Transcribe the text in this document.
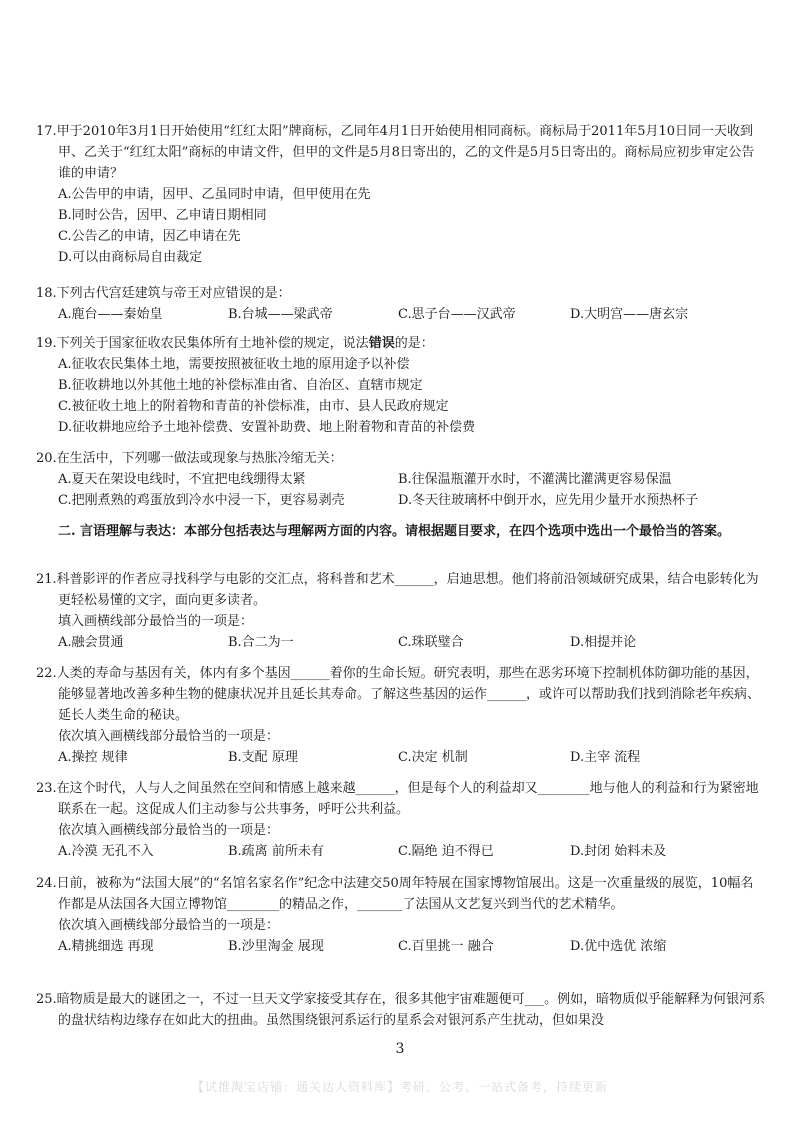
17.甲于2010年3月1日开始使用“红红太阳”牌商标，乙同年4月1日开始使用相同商标。商标局于2011年5月10日同一天收到甲、乙关于“红红太阳”商标的申请文件，但甲的文件是5月8日寄出的，乙的文件是5月5日寄出的。商标局应初步审定公告谁的申请？

A.公告甲的申请，因甲、乙虽同时申请，但甲使用在先

B.同时公告，因甲、乙申请日期相同

C.公告乙的申请，因乙申请在先

D.可以由商标局自由裁定

18.下列古代宫廷建筑与帝王对应错误的是：

A.鹿台——秦始皇	B.台城——梁武帝	C.思子台——汉武帝	D.大明宫——唐玄宗

19.下列关于国家征收农民集体所有土地补偿的规定，说法错误的是：

A.征收农民集体土地，需要按照被征收土地的原用途予以补偿

B.征收耕地以外其他土地的补偿标准由省、自治区、直辖市规定

C.被征收土地上的附着物和青苗的补偿标准，由市、县人民政府规定

D.征收耕地应给予土地补偿费、安置补助费、地上附着物和青苗的补偿费

20.在生活中，下列哪一做法或现象与热胀冷缩无关：

A.夏天在架设电线时，不宜把电线绷得太紧	B.往保温瓶灌开水时，不灌满比灌满更容易保温
C.把刚煮熟的鸡蛋放到冷水中浸一下，更容易剥壳	D.冬天往玻璃杯中倒开水，应先用少量开水预热杯子

二. 言语理解与表达：本部分包括表达与理解两方面的内容。请根据题目要求，在四个选项中选出一个最恰当的答案。

21.科普影评的作者应寻找科学与电影的交汇点，将科普和艺术______，启迪思想。他们将前沿领域研究成果，结合电影转化为更轻松易懂的文字，面向更多读者。

填入画横线部分最恰当的一项是：

A.融会贯通	B.合二为一	C.珠联璧合	D.相提并论

22.人类的寿命与基因有关，体内有多个基因______着你的生命长短。研究表明，那些在恶劣环境下控制机体防御功能的基因，能够显著地改善多种生物的健康状况并且延长其寿命。了解这些基因的运作______，或许可以帮助我们找到消除老年疾病、延长人类生命的秘诀。

依次填入画横线部分最恰当的一项是：

A.操控 规律	B.支配 原理	C.决定 机制	D.主宰 流程

23.在这个时代，人与人之间虽然在空间和情感上越来越______，但是每个人的利益却又________地与他人的利益和行为紧密地联系在一起。这促成人们主动参与公共事务，呼吁公共利益。

依次填入画横线部分最恰当的一项是：

A.冷漠 无孔不入	B.疏离 前所未有	C.隔绝 迫不得已	D.封闭 始料未及

24.日前，被称为“法国大展”的“名馆名家名作”纪念中法建交50周年特展在国家博物馆展出。这是一次重量级的展览，10幅名作都是从法国各大国立博物馆________的精品之作，_______了法国从文艺复兴到当代的艺术精华。

依次填入画横线部分最恰当的一项是：

A.精挑细选 再现	B.沙里淘金 展现	C.百里挑一 融合	D.优中选优 浓缩

25.暗物质是最大的谜团之一，不过一旦天文学家接受其存在，很多其他宇宙难题便可___。例如，暗物质似乎能解释为何银河系的盘状结构边缘存在如此大的扭曲。虽然围绕银河系运行的星系会对银河系产生扰动，但如果没

3
【试推淘宝店铺：通关达人资料库】考研、公考、一站式备考，持续更新
